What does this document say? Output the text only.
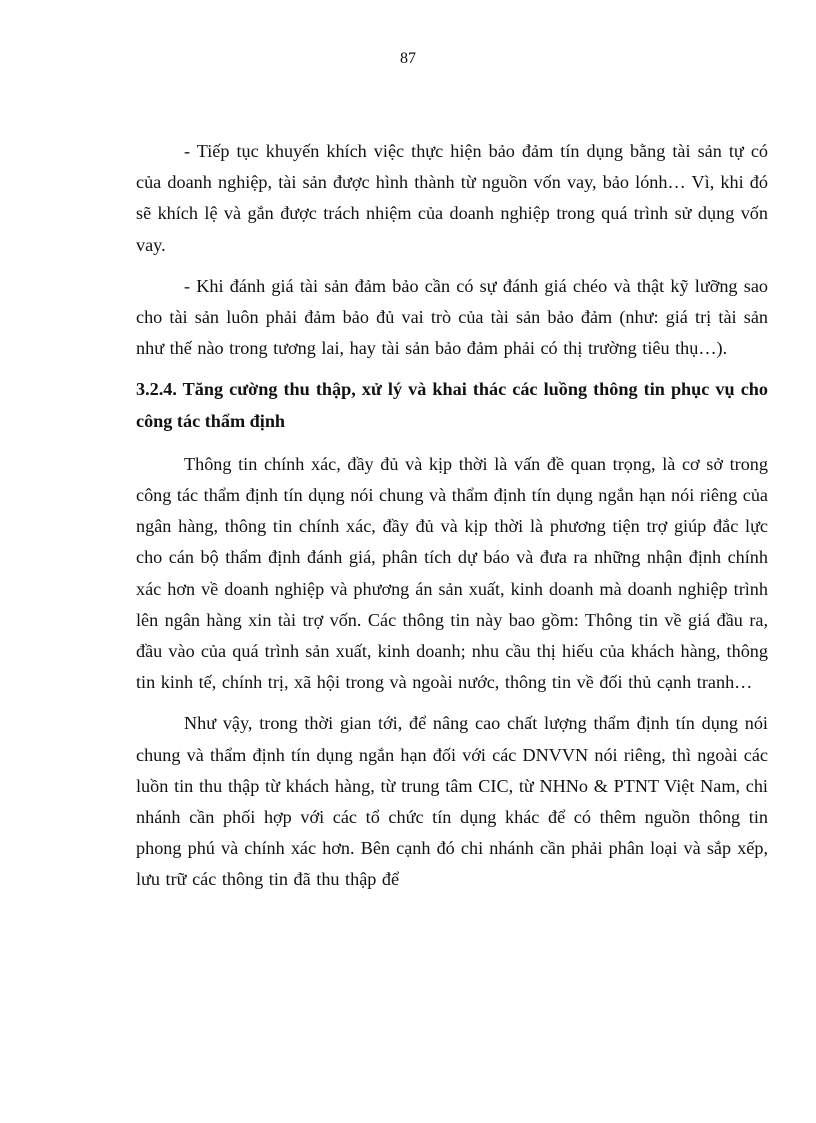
87

- Tiếp tục khuyến khích việc thực hiện bảo đảm tín dụng bằng tài sản tự có của doanh nghiệp, tài sản được hình thành từ nguồn vốn vay, bảo lónh… Vì, khi đó sẽ khích lệ và gắn được trách nhiệm của doanh nghiệp trong quá trình sử dụng vốn vay.

- Khi đánh giá tài sản đảm bảo cần có sự đánh giá chéo và thật kỹ lưỡng sao cho tài sản luôn phải đảm bảo đủ vai trò của tài sản bảo đảm (như: giá trị tài sản như thế nào trong tương lai, hay tài sản bảo đảm phải có thị trường tiêu thụ…).

3.2.4. Tăng cường thu thập, xử lý và khai thác các luồng thông tin phục vụ cho công tác thẩm định

Thông tin chính xác, đầy đủ và kịp thời là vấn đề quan trọng, là cơ sở trong công tác thẩm định tín dụng nói chung và thẩm định tín dụng ngắn hạn nói riêng của ngân hàng, thông tin chính xác, đầy đủ và kịp thời là phương tiện trợ giúp đắc lực cho cán bộ thẩm định đánh giá, phân tích dự báo và đưa ra những nhận định chính xác hơn về doanh nghiệp và phương án sản xuất, kinh doanh mà doanh nghiệp trình lên ngân hàng xin tài trợ vốn. Các thông tin này bao gồm: Thông tin về giá đầu ra, đầu vào của quá trình sản xuất, kinh doanh; nhu cầu thị hiếu của khách hàng, thông tin kinh tế, chính trị, xã hội trong và ngoài nước, thông tin về đối thủ cạnh tranh…

Như vậy, trong thời gian tới, để nâng cao chất lượng thẩm định tín dụng nói chung và thẩm định tín dụng ngắn hạn đối với các DNVVN nói riêng, thì ngoài các luồn tin thu thập từ khách hàng, từ trung tâm CIC, từ NHNo & PTNT Việt Nam, chi nhánh cần phối hợp với các tổ chức tín dụng khác để có thêm nguồn thông tin phong phú và chính xác hơn. Bên cạnh đó chi nhánh cần phải phân loại và sắp xếp, lưu trữ các thông tin đã thu thập để
